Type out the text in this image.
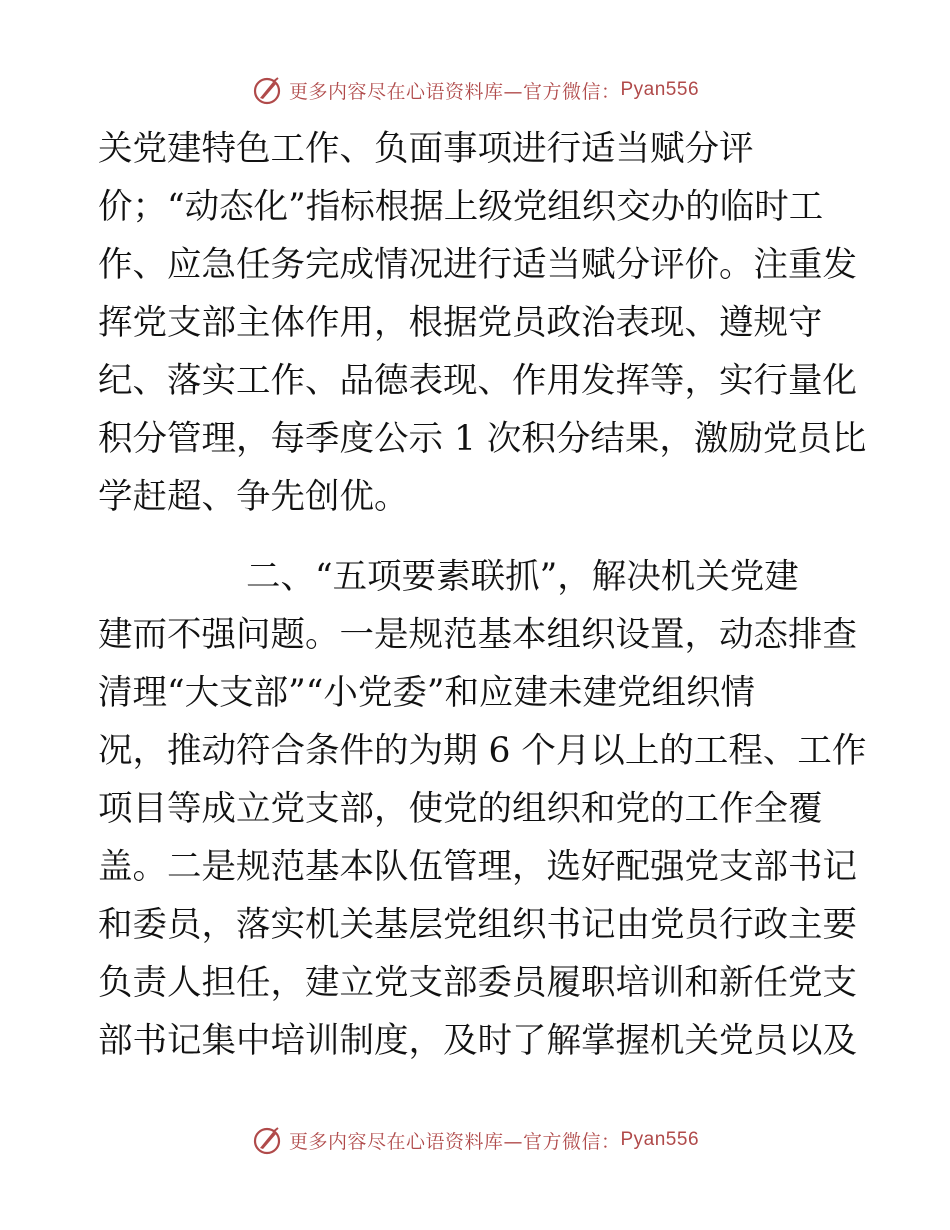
更多内容尽在心语资料库—官方微信： Pyan556
关党建特色工作、负面事项进行适当赋分评
价；“动态化”指标根据上级党组织交办的临时工
作、应急任务完成情况进行适当赋分评价。注重发
挥党支部主体作用，根据党员政治表现、遵规守
纪、落实工作、品德表现、作用发挥等，实行量化
积分管理，每季度公示 1 次积分结果，激励党员比
学赶超、争先创优。
二、“五项要素联抓”，解决机关党建
建而不强问题。一是规范基本组织设置，动态排查
清理“大支部”“小党委”和应建未建党组织情
况，推动符合条件的为期 6 个月以上的工程、工作
项目等成立党支部，使党的组织和党的工作全覆
盖。二是规范基本队伍管理，选好配强党支部书记
和委员，落实机关基层党组织书记由党员行政主要
负责人担任，建立党支部委员履职培训和新任党支
部书记集中培训制度，及时了解掌握机关党员以及
更多内容尽在心语资料库—官方微信： Pyan556
